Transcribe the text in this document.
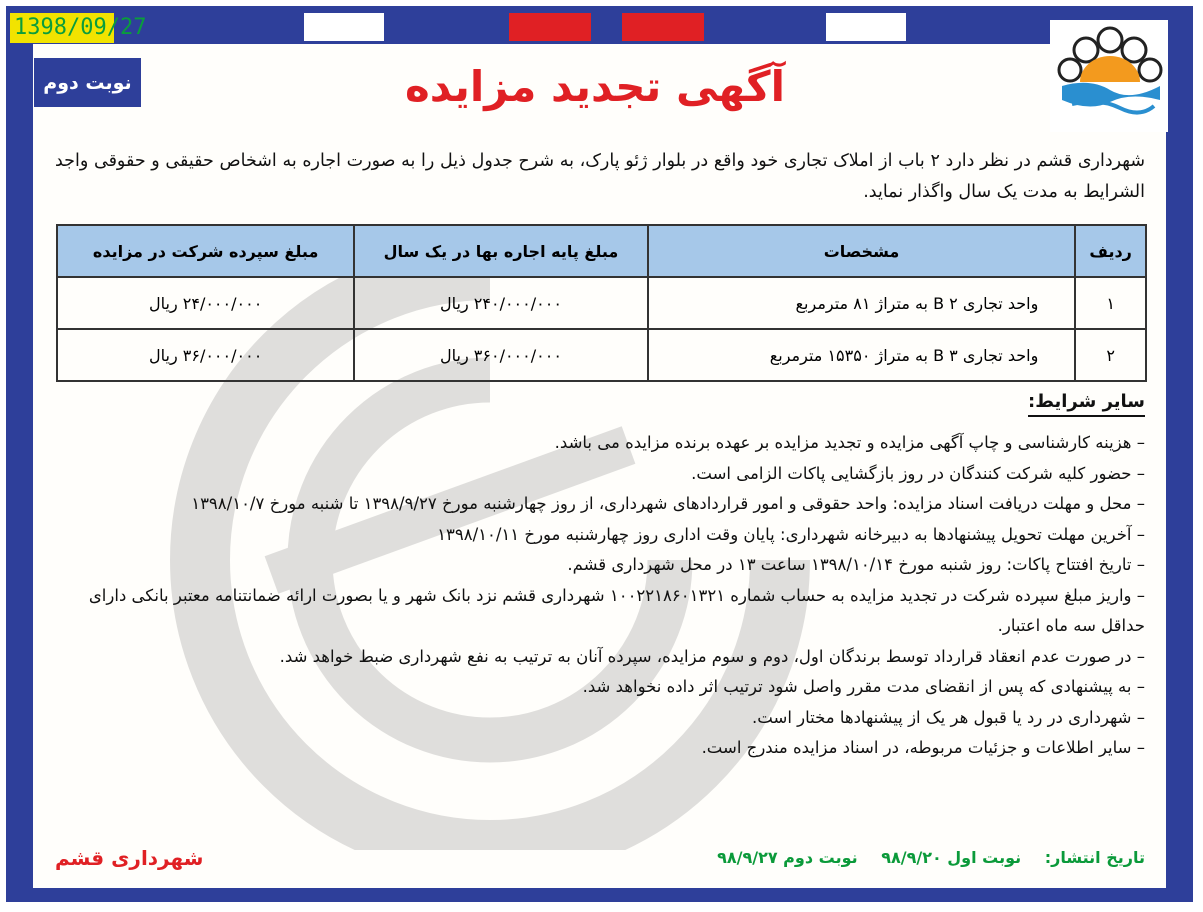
1398/09/27
نوبت دوم	آگهی تجدید مزایده
شهرداری قشم در نظر دارد ۲ باب از املاک تجاری خود واقع در بلوار ژئو پارک، به شرح جدول ذیل را به صورت اجاره به اشخاص حقیقی و حقوقی واجد الشرایط به مدت یک سال واگذار نماید.
ردیف	مشخصات	مبلغ پایه اجاره بها در یک سال	مبلغ سپرده شرکت در مزایده
۱	واحد تجاری ۲ B به متراژ ۸۱ مترمربع	۲۴۰/۰۰۰/۰۰۰ ریال	۲۴/۰۰۰/۰۰۰ ریال
۲	واحد تجاری ۳ B به متراژ ۱۵۳۵۰ مترمربع	۳۶۰/۰۰۰/۰۰۰ ریال	۳۶/۰۰۰/۰۰۰ ریال
سایر شرایط:
– هزینه کارشناسی و چاپ آگهی مزایده و تجدید مزایده بر عهده برنده مزایده می باشد.
– حضور کلیه شرکت کنندگان در روز بازگشایی پاکات الزامی است.
– محل و مهلت دریافت اسناد مزایده: واحد حقوقی و امور قراردادهای شهرداری، از روز چهارشنبه مورخ ۱۳۹۸/۹/۲۷ تا شنبه مورخ ۱۳۹۸/۱۰/۷
– آخرین مهلت تحویل پیشنهادها به دبیرخانه شهرداری: پایان وقت اداری روز چهارشنبه مورخ ۱۳۹۸/۱۰/۱۱
– تاریخ افتتاح پاکات: روز شنبه مورخ ۱۳۹۸/۱۰/۱۴ ساعت ۱۳ در محل شهرداری قشم.
– واریز مبلغ سپرده شرکت در تجدید مزایده به حساب شماره ۱۰۰۲۲۱۸۶۰۱۳۲۱ شهرداری قشم نزد بانک شهر و یا بصورت ارائه ضمانتنامه معتبر بانکی دارای حداقل سه ماه اعتبار.
– در صورت عدم انعقاد قرارداد توسط برندگان اول، دوم و سوم مزایده، سپرده آنان به ترتیب به نفع شهرداری ضبط خواهد شد.
– به پیشنهادی که پس از انقضای مدت مقرر واصل شود ترتیب اثر داده نخواهد شد.
– شهرداری در رد یا قبول هر یک از پیشنهادها مختار است.
– سایر اطلاعات و جزئیات مربوطه، در اسناد مزایده مندرج است.
تاریخ انتشار: نوبت اول ۹۸/۹/۲۰ نوبت دوم ۹۸/۹/۲۷
شهرداری قشم
